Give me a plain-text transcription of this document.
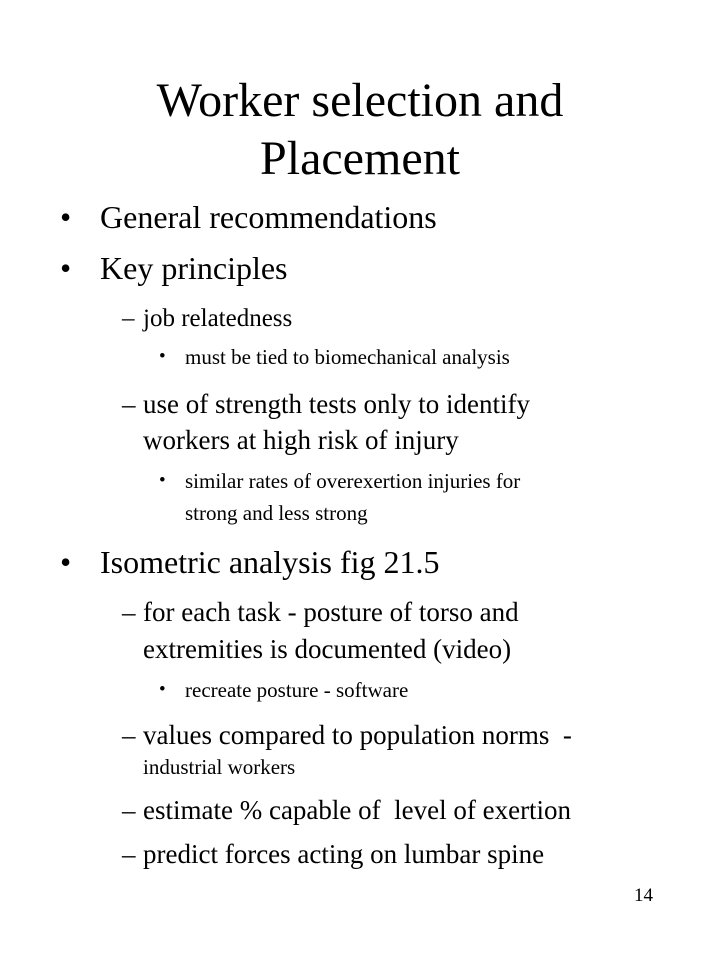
Worker selection and
Placement
• General recommendations
• Key principles
– job relatedness
• must be tied to biomechanical analysis
– use of strength tests only to identify
workers at high risk of injury
• similar rates of overexertion injuries for
strong and less strong
• Isometric analysis fig 21.5
– for each task - posture of torso and
extremities is documented (video)
• recreate posture - software
– values compared to population norms  -
industrial workers
– estimate % capable of  level of exertion
– predict forces acting on lumbar spine
14
